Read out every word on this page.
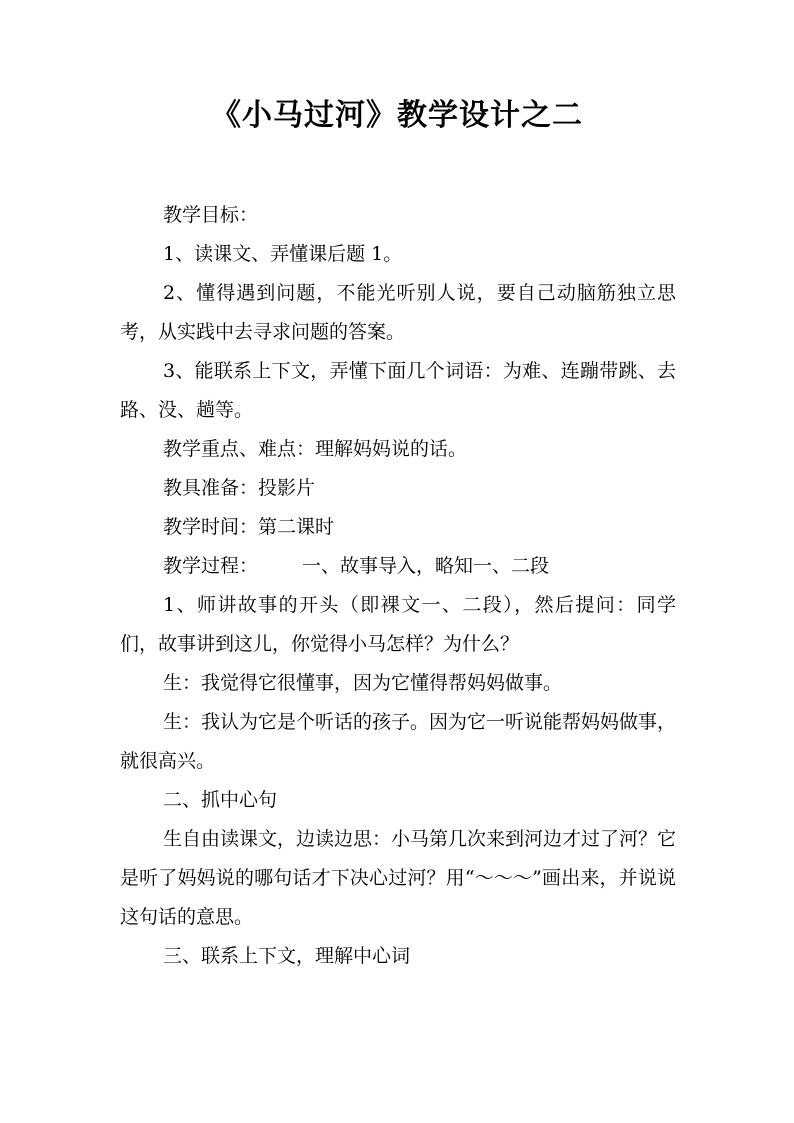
《小马过河》教学设计之二

教学目标：

1、读课文、弄懂课后题 1。

2、懂得遇到问题，不能光听别人说，要自己动脑筋独立思考，从实践中去寻求问题的答案。

3、能联系上下文，弄懂下面几个词语：为难、连蹦带跳、去路、没、趟等。

教学重点、难点：理解妈妈说的话。

教具准备：投影片

教学时间：第二课时

教学过程： 一、故事导入，略知一、二段

1、师讲故事的开头（即裸文一、二段），然后提问：同学们，故事讲到这儿，你觉得小马怎样？为什么？

生：我觉得它很懂事，因为它懂得帮妈妈做事。

生：我认为它是个听话的孩子。因为它一听说能帮妈妈做事，就很高兴。

二、抓中心句

生自由读课文，边读边思：小马第几次来到河边才过了河？它是听了妈妈说的哪句话才下决心过河？用“～～～”画出来，并说说这句话的意思。

三、联系上下文，理解中心词
